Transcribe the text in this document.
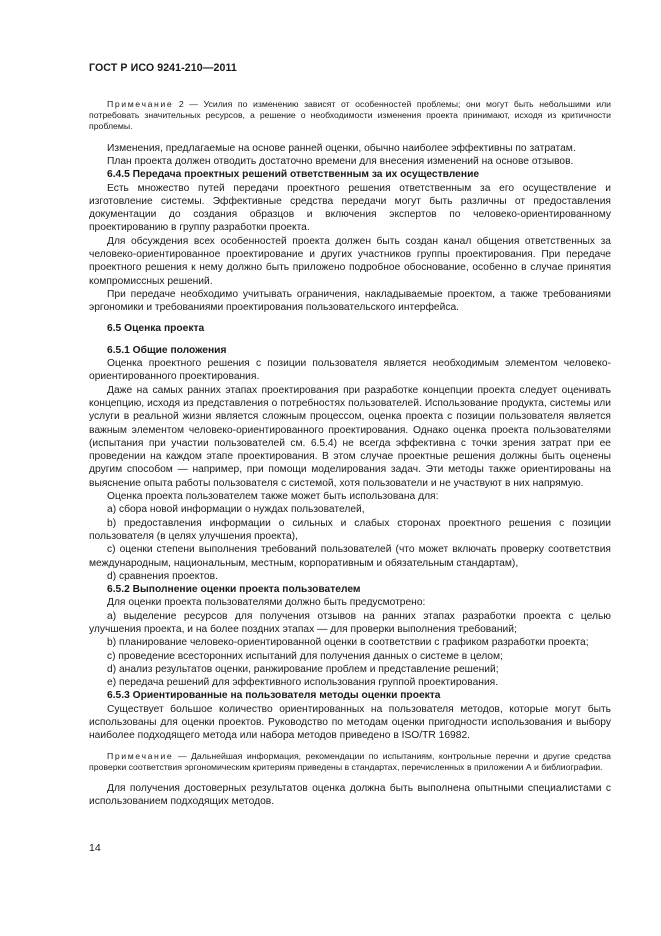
ГОСТ Р ИСО 9241-210—2011

Примечание 2 — Усилия по изменению зависят от особенностей проблемы; они могут быть небольшими или потребовать значительных ресурсов, а решение о необходимости изменения проекта принимают, исходя из критичности проблемы.

Изменения, предлагаемые на основе ранней оценки, обычно наиболее эффективны по затратам.

План проекта должен отводить достаточно времени для внесения изменений на основе отзывов.

6.4.5 Передача проектных решений ответственным за их осуществление

Есть множество путей передачи проектного решения ответственным за его осуществление и изготовление системы. Эффективные средства передачи могут быть различны от предоставления документации до создания образцов и включения экспертов по человеко-ориентированному проектированию в группу разработки проекта.

Для обсуждения всех особенностей проекта должен быть создан канал общения ответственных за человеко-ориентированное проектирование и других участников группы проектирования. При передаче проектного решения к нему должно быть приложено подробное обоснование, особенно в случае принятия компромиссных решений.

При передаче необходимо учитывать ограничения, накладываемые проектом, а также требованиями эргономики и требованиями проектирования пользовательского интерфейса.

6.5 Оценка проекта

6.5.1 Общие положения

Оценка проектного решения с позиции пользователя является необходимым элементом человеко-ориентированного проектирования.

Даже на самых ранних этапах проектирования при разработке концепции проекта следует оценивать концепцию, исходя из представления о потребностях пользователей. Использование продукта, системы или услуги в реальной жизни является сложным процессом, оценка проекта с позиции пользователя является важным элементом человеко-ориентированного проектирования. Однако оценка проекта пользователями (испытания при участии пользователей см. 6.5.4) не всегда эффективна с точки зрения затрат при ее проведении на каждом этапе проектирования. В этом случае проектные решения должны быть оценены другим способом — например, при помощи моделирования задач. Эти методы также ориентированы на выяснение опыта работы пользователя с системой, хотя пользователи и не участвуют в них напрямую.

Оценка проекта пользователем также может быть использована для:

а) сбора новой информации о нуждах пользователей,

b) предоставления информации о сильных и слабых сторонах проектного решения с позиции пользователя (в целях улучшения проекта),

c) оценки степени выполнения требований пользователей (что может включать проверку соответствия международным, национальным, местным, корпоративным и обязательным стандартам),

d) сравнения проектов.

6.5.2 Выполнение оценки проекта пользователем

Для оценки проекта пользователями должно быть предусмотрено:

а) выделение ресурсов для получения отзывов на ранних этапах разработки проекта с целью улучшения проекта, и на более поздних этапах — для проверки выполнения требований;

b) планирование человеко-ориентированной оценки в соответствии с графиком разработки проекта;

c) проведение всесторонних испытаний для получения данных о системе в целом;

d) анализ результатов оценки, ранжирование проблем и представление решений;

e) передача решений для эффективного использования группой проектирования.

6.5.3 Ориентированные на пользователя методы оценки проекта

Существует большое количество ориентированных на пользователя методов, которые могут быть использованы для оценки проектов. Руководство по методам оценки пригодности использования и выбору наиболее подходящего метода или набора методов приведено в ISO/TR 16982.

Примечание — Дальнейшая информация, рекомендации по испытаниям, контрольные перечни и другие средства проверки соответствия эргономическим критериям приведены в стандартах, перечисленных в приложении А и библиографии.

Для получения достоверных результатов оценка должна быть выполнена опытными специалистами с использованием подходящих методов.

14
